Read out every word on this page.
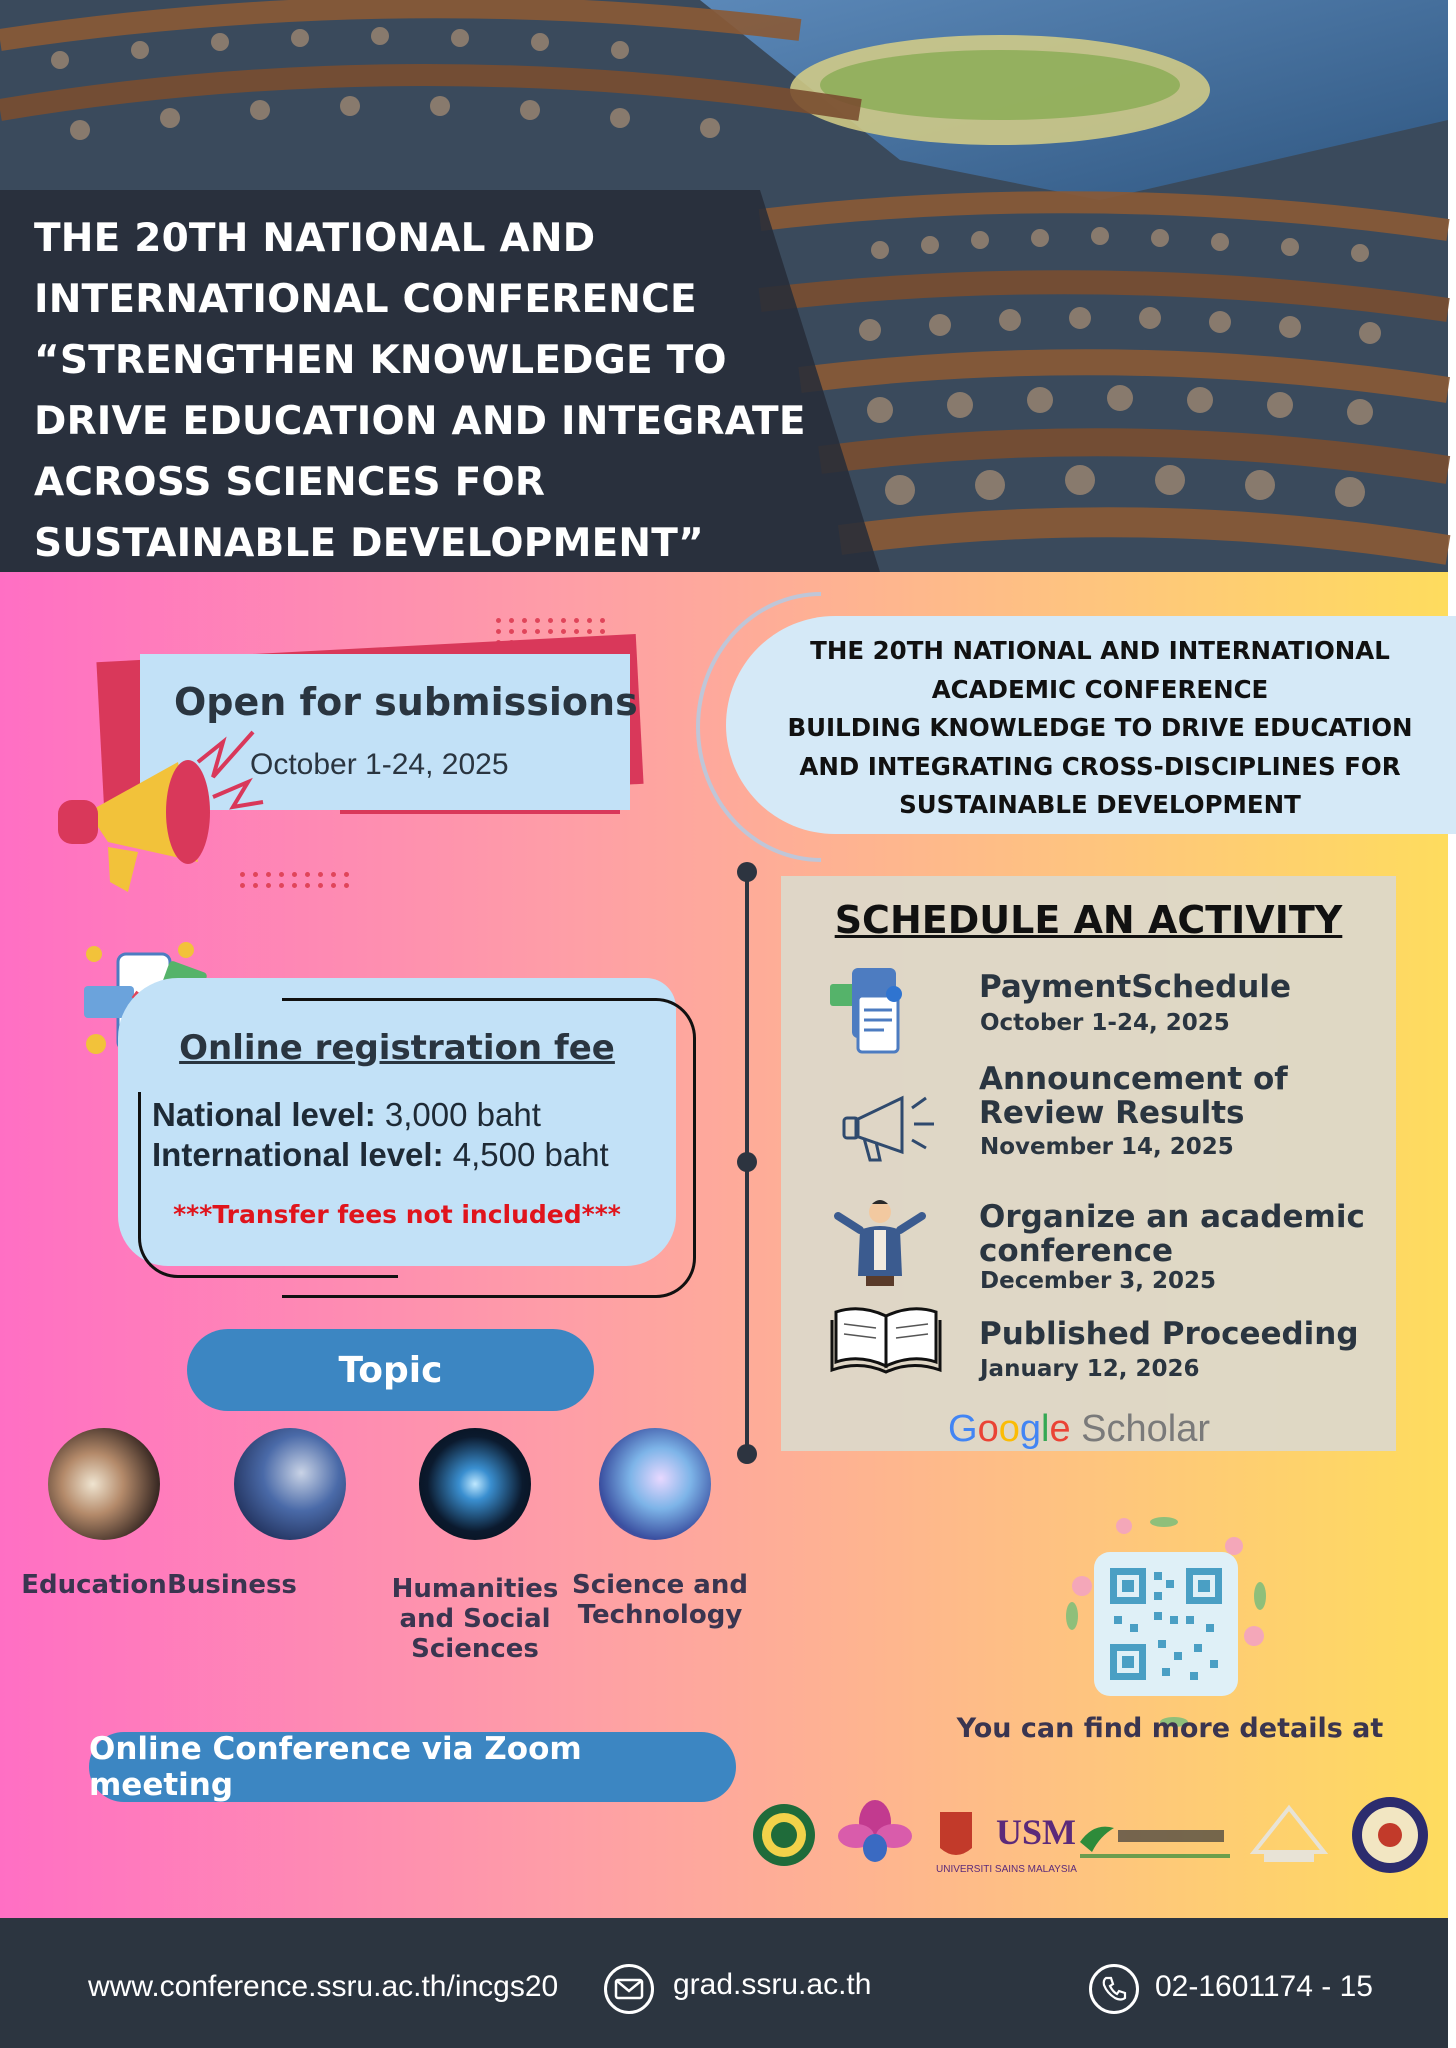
THE 20TH NATIONAL AND
INTERNATIONAL CONFERENCE
“STRENGTHEN KNOWLEDGE TO
DRIVE EDUCATION AND INTEGRATE
ACROSS SCIENCES FOR
SUSTAINABLE DEVELOPMENT”
Open for submissions
October 1-24, 2025
Online registration fee
National level: 3,000 baht
International level: 4,500 baht
***Transfer fees not included***
Topic
Education Business	Humanities and Social Sciences
Science and Technology
Online Conference via Zoom meeting
THE 20TH NATIONAL AND INTERNATIONAL
ACADEMIC CONFERENCE
BUILDING KNOWLEDGE TO DRIVE EDUCATION
AND INTEGRATING CROSS-DISCIPLINES FOR
SUSTAINABLE DEVELOPMENT
SCHEDULE AN ACTIVITY
PaymentSchedule
October 1-24, 2025
Announcement of
Review Results
November 14, 2025
Organize an academic
conference
December 3, 2025
Published Proceeding
January 12, 2026
Google Scholar
You can find more details at
USM
UNIVERSITI SAINS MALAYSIA
www.conference.ssru.ac.th/incgs20	grad.ssru.ac.th	02-1601174 - 15
